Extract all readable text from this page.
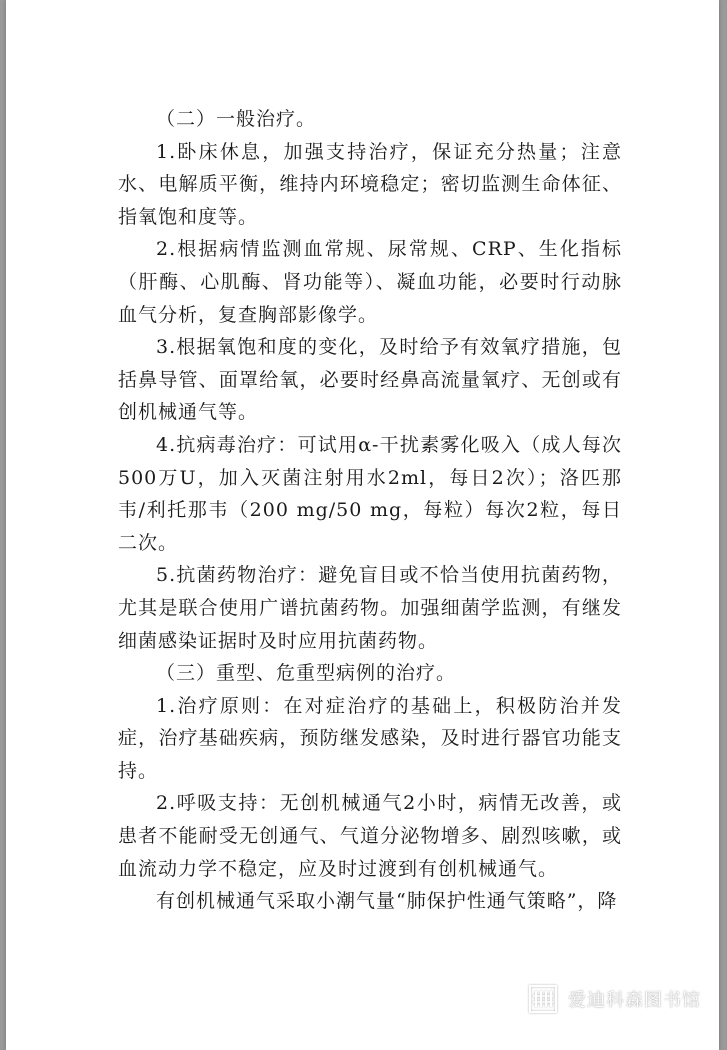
（二）一般治疗。

1.卧床休息，加强支持治疗，保证充分热量；注意水、电解质平衡，维持内环境稳定；密切监测生命体征、指氧饱和度等。

2.根据病情监测血常规、尿常规、CRP、生化指标（肝酶、心肌酶、肾功能等）、凝血功能，必要时行动脉血气分析，复查胸部影像学。

3.根据氧饱和度的变化，及时给予有效氧疗措施，包括鼻导管、面罩给氧，必要时经鼻高流量氧疗、无创或有创机械通气等。

4.抗病毒治疗：可试用α-干扰素雾化吸入（成人每次500万U，加入灭菌注射用水2ml，每日2次）；洛匹那韦/利托那韦（200 mg/50 mg，每粒）每次2粒，每日二次。

5.抗菌药物治疗：避免盲目或不恰当使用抗菌药物，尤其是联合使用广谱抗菌药物。加强细菌学监测，有继发细菌感染证据时及时应用抗菌药物。

（三）重型、危重型病例的治疗。

1.治疗原则：在对症治疗的基础上，积极防治并发症，治疗基础疾病，预防继发感染，及时进行器官功能支持。

2.呼吸支持：无创机械通气2小时，病情无改善，或患者不能耐受无创通气、气道分泌物增多、剧烈咳嗽，或血流动力学不稳定，应及时过渡到有创机械通气。

有创机械通气采取小潮气量“肺保护性通气策略”，降

爱迪科森图书馆
